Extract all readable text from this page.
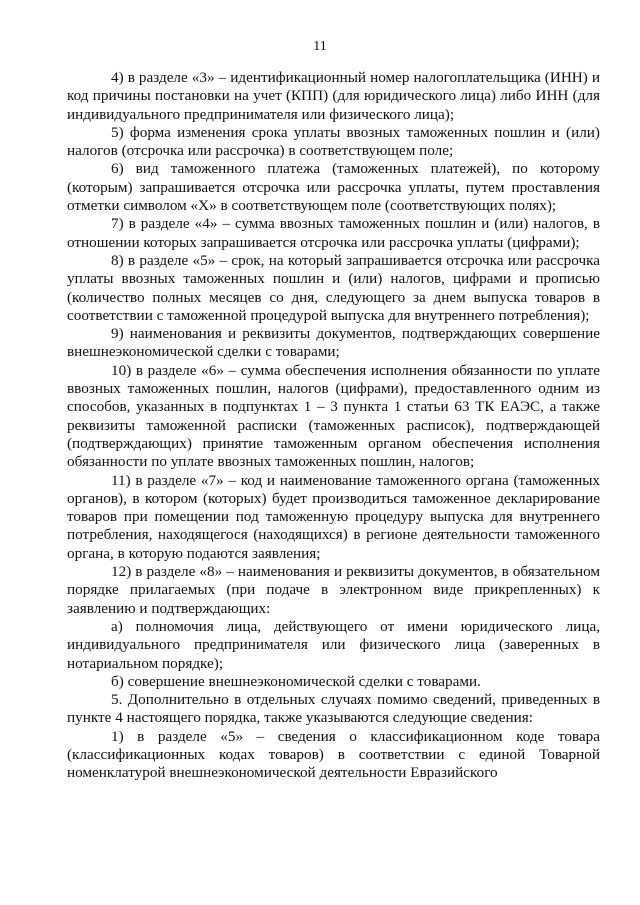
11

4) в разделе «3» – идентификационный номер налогоплательщика (ИНН) и код причины постановки на учет (КПП) (для юридического лица) либо ИНН (для индивидуального предпринимателя или физического лица);

5) форма изменения срока уплаты ввозных таможенных пошлин и (или) налогов (отсрочка или рассрочка) в соответствующем поле;

6) вид таможенного платежа (таможенных платежей), по которому (которым) запрашивается отсрочка или рассрочка уплаты, путем проставления отметки символом «X» в соответствующем поле (соответствующих полях);

7) в разделе «4» – сумма ввозных таможенных пошлин и (или) налогов, в отношении которых запрашивается отсрочка или рассрочка уплаты (цифрами);

8) в разделе «5» – срок, на который запрашивается отсрочка или рассрочка уплаты ввозных таможенных пошлин и (или) налогов, цифрами и прописью (количество полных месяцев со дня, следующего за днем выпуска товаров в соответствии с таможенной процедурой выпуска для внутреннего потребления);

9) наименования и реквизиты документов, подтверждающих совершение внешнеэкономической сделки с товарами;

10) в разделе «6» – сумма обеспечения исполнения обязанности по уплате ввозных таможенных пошлин, налогов (цифрами), предоставленного одним из способов, указанных в подпунктах 1 – 3 пункта 1 статьи 63 ТК ЕАЭС, а также реквизиты таможенной расписки (таможенных расписок), подтверждающей (подтверждающих) принятие таможенным органом обеспечения исполнения обязанности по уплате ввозных таможенных пошлин, налогов;

11) в разделе «7» – код и наименование таможенного органа (таможенных органов), в котором (которых) будет производиться таможенное декларирование товаров при помещении под таможенную процедуру выпуска для внутреннего потребления, находящегося (находящихся) в регионе деятельности таможенного органа, в которую подаются заявления;

12) в разделе «8» – наименования и реквизиты документов, в обязательном порядке прилагаемых (при подаче в электронном виде прикрепленных) к заявлению и подтверждающих:

а) полномочия лица, действующего от имени юридического лица, индивидуального предпринимателя или физического лица (заверенных в нотариальном порядке);

б) совершение внешнеэкономической сделки с товарами.

5. Дополнительно в отдельных случаях помимо сведений, приведенных в пункте 4 настоящего порядка, также указываются следующие сведения:

1) в разделе «5» – сведения о классификационном коде товара (классификационных кодах товаров) в соответствии с единой Товарной номенклатурой внешнеэкономической деятельности Евразийского
